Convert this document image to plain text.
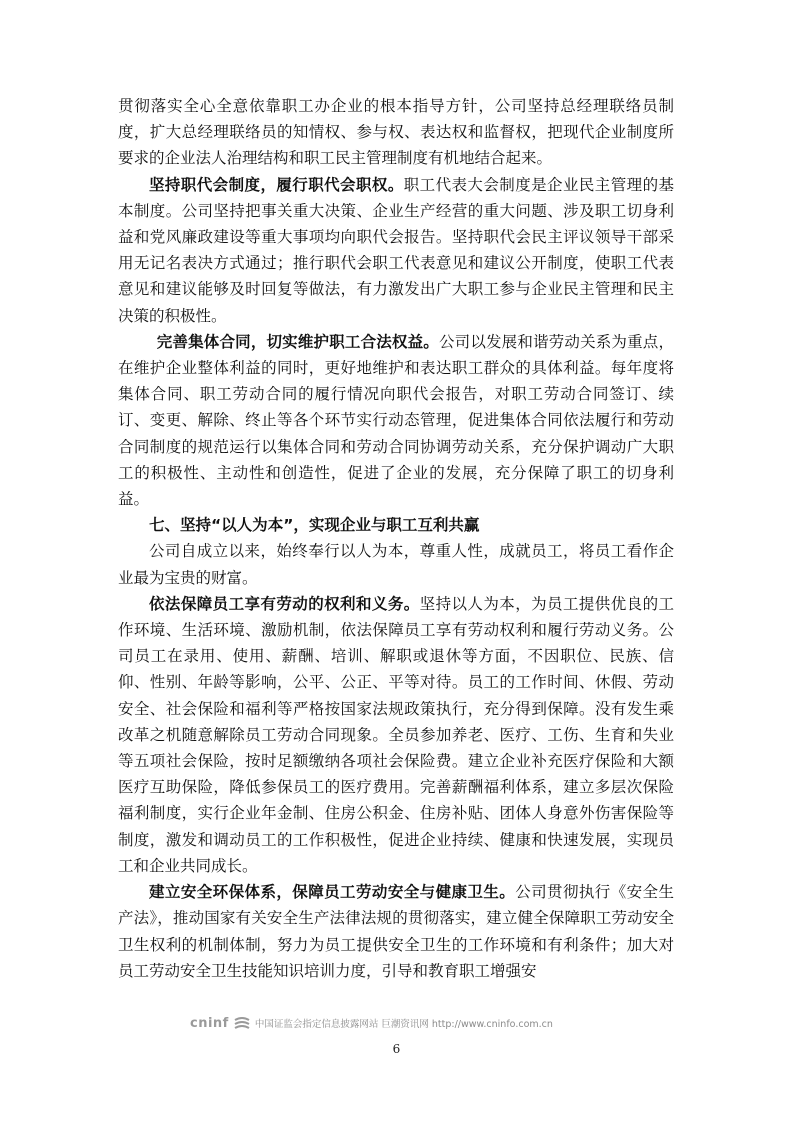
贯彻落实全心全意依靠职工办企业的根本指导方针，公司坚持总经理联络员制度，扩大总经理联络员的知情权、参与权、表达权和监督权，把现代企业制度所要求的企业法人治理结构和职工民主管理制度有机地结合起来。

坚持职代会制度，履行职代会职权。职工代表大会制度是企业民主管理的基本制度。公司坚持把事关重大决策、企业生产经营的重大问题、涉及职工切身利益和党风廉政建设等重大事项均向职代会报告。坚持职代会民主评议领导干部采用无记名表决方式通过；推行职代会职工代表意见和建议公开制度，使职工代表意见和建议能够及时回复等做法，有力激发出广大职工参与企业民主管理和民主决策的积极性。

完善集体合同，切实维护职工合法权益。公司以发展和谐劳动关系为重点，在维护企业整体利益的同时，更好地维护和表达职工群众的具体利益。每年度将集体合同、职工劳动合同的履行情况向职代会报告，对职工劳动合同签订、续订、变更、解除、终止等各个环节实行动态管理，促进集体合同依法履行和劳动合同制度的规范运行以集体合同和劳动合同协调劳动关系，充分保护调动广大职工的积极性、主动性和创造性，促进了企业的发展，充分保障了职工的切身利益。

七、坚持“以人为本”，实现企业与职工互利共赢

公司自成立以来，始终奉行以人为本，尊重人性，成就员工，将员工看作企业最为宝贵的财富。

依法保障员工享有劳动的权利和义务。坚持以人为本，为员工提供优良的工作环境、生活环境、激励机制，依法保障员工享有劳动权利和履行劳动义务。公司员工在录用、使用、薪酬、培训、解职或退休等方面，不因职位、民族、信仰、性别、年龄等影响，公平、公正、平等对待。员工的工作时间、休假、劳动安全、社会保险和福利等严格按国家法规政策执行，充分得到保障。没有发生乘改革之机随意解除员工劳动合同现象。全员参加养老、医疗、工伤、生育和失业等五项社会保险，按时足额缴纳各项社会保险费。建立企业补充医疗保险和大额医疗互助保险，降低参保员工的医疗费用。完善薪酬福利体系，建立多层次保险福利制度，实行企业年金制、住房公积金、住房补贴、团体人身意外伤害保险等制度，激发和调动员工的工作积极性，促进企业持续、健康和快速发展，实现员工和企业共同成长。

建立安全环保体系，保障员工劳动安全与健康卫生。公司贯彻执行《安全生产法》，推动国家有关安全生产法律法规的贯彻落实，建立健全保障职工劳动安全卫生权利的机制体制，努力为员工提供安全卫生的工作环境和有利条件；加大对员工劳动安全卫生技能知识培训力度，引导和教育职工增强安

cninf	中国证监会指定信息披露网站 巨潮资讯网 http://www.cninfo.com.cn
6
